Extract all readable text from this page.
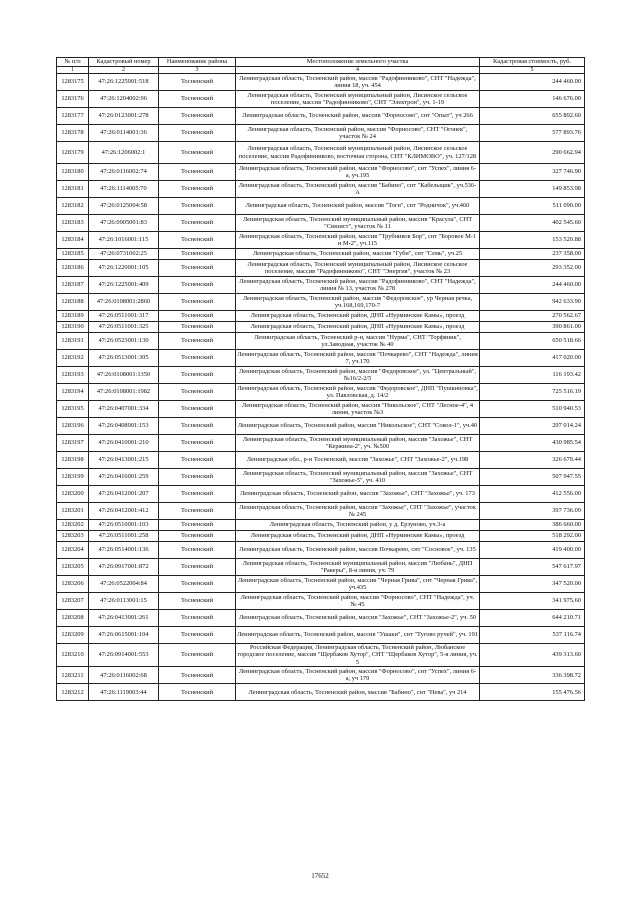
№ п/п	Кадастровый номер	Наименование района	Местоположение земельного участка	Кадастровая стоимость, руб.
1	2	3	4	5
1283175	47:26:1225001:518	Тосненский	Ленинградская область, Тосненский район, массив "Радофинниково", СНТ "Надежда", линия 18, уч. 454	244 460.00
1283176	47:26:1204002:96	Тосненский	Ленинградская область, Тосненский муниципальный район, Лисинское сельское поселение, массив "Радофинниково", СНТ "Электрон", уч. 1-19	146 676.00
1283177	47:26:0123001:278	Тосненский	Ленинградская область, Тосненский район, массив "Форносово", снт "Опыт", уч 266	655 892.60
1283178	47:26:0114001:36	Тосненский	Ленинградская область, Тосненский район, массив "Форносово", СНТ "Огонек", участок № 24	577 893.76
1283179	47:26:1206002:1	Тосненский	Ленинградская область, Тосненский муниципальный район, Лисинское сельское поселение, массив Радофинниково, восточная сторона, СНТ "КЛИМОВО", уч. 127/128	290 662.94
1283180	47:26:0116002:74	Тосненский	Ленинградская область, Тосненский район, массив "Форносово", снт "Успех", линия 6-а, уч.195	327 746.90
1283181	47:26:1114005:70	Тосненский	Ленинградская область, Тосненский район, массив "Бабино", снт "Кабельщик", уч.536-А	149 853.98
1283182	47:26:0125004:58	Тосненский	Ленинградская область, Тосненский район, массив "Тогн", снт "Родничок", уч.460	511 090.00
1283183	47:26:0905001:83	Тосненский	Ленинградская область, Тосненский муниципальный район, массив "Красула", СНТ "Связист", участок № 11	402 545.60
1283184	47:26:1016001:115	Тосненский	Ленинградская область, Тосненский район, массив "Трубников Бор", снт "Боровое М-1 и М-2", уч.115	153 520.88
1283185	47:26:0731002:25	Тосненский	Ленинградская область, Тосненский район, массив "Губи", снт "Семь", уч.25	237 358.00
1283186	47:26:1220001:105	Тосненский	Ленинградская область, Тосненский муниципальный район, Лисинское сельское поселение, массив "Радофинниково", СНТ "Энергия", участок № 23	293 352.00
1283187	47:26:1225001:409	Тосненский	Ленинградская область, Тосненский район, массив "Радофинниково", СНТ "Надежда", линия № 13, участок № 278	244 460.00
1283188	47:26:0108001:2860	Тосненский	Ленинградская область, Тосненский район, массив "Федоровское", ур Черная речка, уч.168,169,170-7	942 633.90
1283189	47:26:0511001:317	Тосненский	Ленинградская область, Тосненский район, ДНП «Нурминские Камы», проезд	270 562.67
1283190	47:26:0511001:325	Тосненский	Ленинградская область, Тосненский район, ДНП «Нурминские Камы», проезд	390 861.00
1283191	47:26:0523001:130	Тосненский	Ленинградская область, Тосненский р-н, массив "Нурма", СНТ "Торфяник", ул.Заводная, участок № 40	650 518.66
1283192	47:26:0513001:305	Тосненский	Ленинградская область, Тосненский район, массив "Почкарево", СНТ "Надежда", линия 7, уч.170	417 020.00
1283193	47:26:0108001:1350	Тосненский	Ленинградская область, Тосненский район, массив "Федоровское", ул. "Центральный", №16/2-2/5	116 193.42
1283194	47:26:0108001:1982	Тосненский	Ленинградская область, Тосненский район, массив "Федоровское", ДНП "Пушкиновка", ул. Павловская, д. 14/2	725 516.19
1283195	47:26:0407001:334	Тосненский	Ленинградская область, Тосненский район, массив "Никольское", СНТ "Лесное-4", 4 линия, участок №3	510 940.53
1283196	47:26:0408001:153	Тосненский	Ленинградская область, Тосненский район, массив "Никольское", СНТ "Сокол-1", уч.40	297 014.24
1283197	47:26:0410001:210	Тосненский	Ленинградская область, Тосненский муниципальный район, массив "Захожье", СНТ "Кержина-2", уч. №500	430 985.54
1283198	47:26:0413001:215	Тосненский	Ленинградская обл., р-н Тосненский, массив "Захожье", СНТ "Захожье-2", уч.198	326 679.44
1283199	47:26:0416001:259	Тосненский	Ленинградская область, Тосненский муниципальный район, массив "Захожье", СНТ "Захожье-5", уч. 410	507 947.55
1283200	47:26:0412001:207	Тосненский	Ленинградская область, Тосненский район, массив "Захожье", СНТ "Захожье", уч. 173	412 556.00
1283201	47:26:0412001:412	Тосненский	Ленинградская область, Тосненский район, массив "Захожье", СНТ "Захожье", участок № 245	397 736.09
1283202	47:26:0510001:103	Тосненский	Ленинградская область, Тосненский район, у д. Ерзуново, уч.3-а	386 660.00
1283203	47:26:0511001:258	Тосненский	Ленинградская область, Тосненский район, ДНП «Нурминские Камы», проезд	518 292.00
1283204	47:26:0514001:136	Тосненский	Ленинградская область, Тосненский район, массив Почкарево, снт "Сосновое", уч. 135	419 400.00
1283205	47:26:0917001:872	Тосненский	Ленинградская область, Тосненский муниципальный район, массив "Любань", ДНП "Ракеры", 8-я линия, уч. 79	547 617.97
1283206	47:26:0522004:84	Тосненский	Ленинградская область, Тосненский район, массив "Черная Грива", снт "Черная Грива", уч.435	347 520.00
1283207	47:26:0113001:15	Тосненский	Ленинградская область, Тосненский район, массив "Форносово", СНТ "Надежда", уч. № 45	341 975.60
1283208	47:26:0413001:261	Тосненский	Ленинградская область, Тосненский район, массив "Захожье", СНТ "Захожье-2", уч. 50	644 210.71
1283209	47:26:0615001:104	Тосненский	Ленинградская область, Тосненский район, массив "Ушаки", снт "Тугово ручей", уч. 191	537 116.74
1283210	47:26:0914001:553	Тосненский	Российская Федерация, Ленинградская область, Тосненский район, Любанское городское поселение, массив "Щербаков Хутор", СНТ "Щербаков Хутор", 5-я линия, уч. 5	439 313.60
1283211	47:26:0116002:68	Тосненский	Ленинградская область, Тосненский район, массив "Форносово", снт "Успех", линия 6-а, уч 179	336 398.72
1283212	47:26:1119003:44	Тосненский	Ленинградская область, Тосненский район, массив "Бабино", снт "Нева", уч 214	155 476.56
17652
